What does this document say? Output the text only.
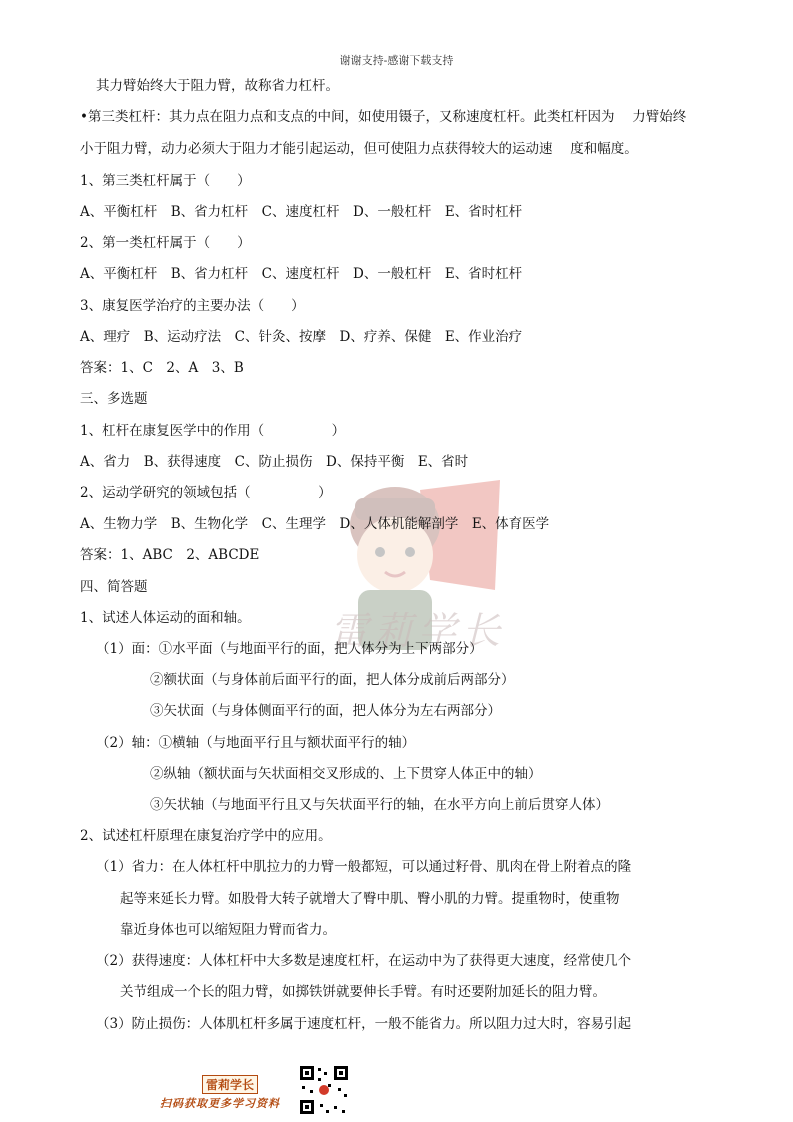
谢谢支持-感谢下载支持
雷莉学长
其力臂始终大于阻力臂，故称省力杠杆。
•第三类杠杆：其力点在阻力点和支点的中间，如使用镊子，又称速度杠杆。此类杠杆因为　 力臂始终
小于阻力臂，动力必须大于阻力才能引起运动，但可使阻力点获得较大的运动速　 度和幅度。
1、第三类杠杆属于（　　）
A、平衡杠杆　B、省力杠杆　C、速度杠杆　D、一般杠杆　E、省时杠杆
2、第一类杠杆属于（　　）
A、平衡杠杆　B、省力杠杆　C、速度杠杆　D、一般杠杆　E、省时杠杆
3、康复医学治疗的主要办法（　　）
A、理疗　B、运动疗法　C、针灸、按摩　D、疗养、保健　E、作业治疗
答案：1、C　2、A　3、B
三、多选题
1、杠杆在康复医学中的作用（　　　　　）
A、省力　B、获得速度　C、防止损伤　D、保持平衡　E、省时
2、运动学研究的领域包括（　　　　　）
A、生物力学　B、生物化学　C、生理学　D、人体机能解剖学　E、体育医学
答案：1、ABC　2、ABCDE
四、简答题
1、试述人体运动的面和轴。
（1）面：①水平面（与地面平行的面，把人体分为上下两部分）
②额状面（与身体前后面平行的面，把人体分成前后两部分）
③矢状面（与身体侧面平行的面，把人体分为左右两部分）
（2）轴：①横轴（与地面平行且与额状面平行的轴）
②纵轴（额状面与矢状面相交叉形成的、上下贯穿人体正中的轴）
③矢状轴（与地面平行且又与矢状面平行的轴，在水平方向上前后贯穿人体）
2、试述杠杆原理在康复治疗学中的应用。
（1）省力：在人体杠杆中肌拉力的力臂一般都短，可以通过籽骨、肌肉在骨上附着点的隆
起等来延长力臂。如股骨大转子就增大了臀中肌、臀小肌的力臂。提重物时，使重物
靠近身体也可以缩短阻力臂而省力。
（2）获得速度：人体杠杆中大多数是速度杠杆，在运动中为了获得更大速度，经常使几个
关节组成一个长的阻力臂，如掷铁饼就要伸长手臂。有时还要附加延长的阻力臂。
（3）防止损伤：人体肌杠杆多属于速度杠杆，一般不能省力。所以阻力过大时，容易引起
雷莉学长
扫码获取更多学习资料
